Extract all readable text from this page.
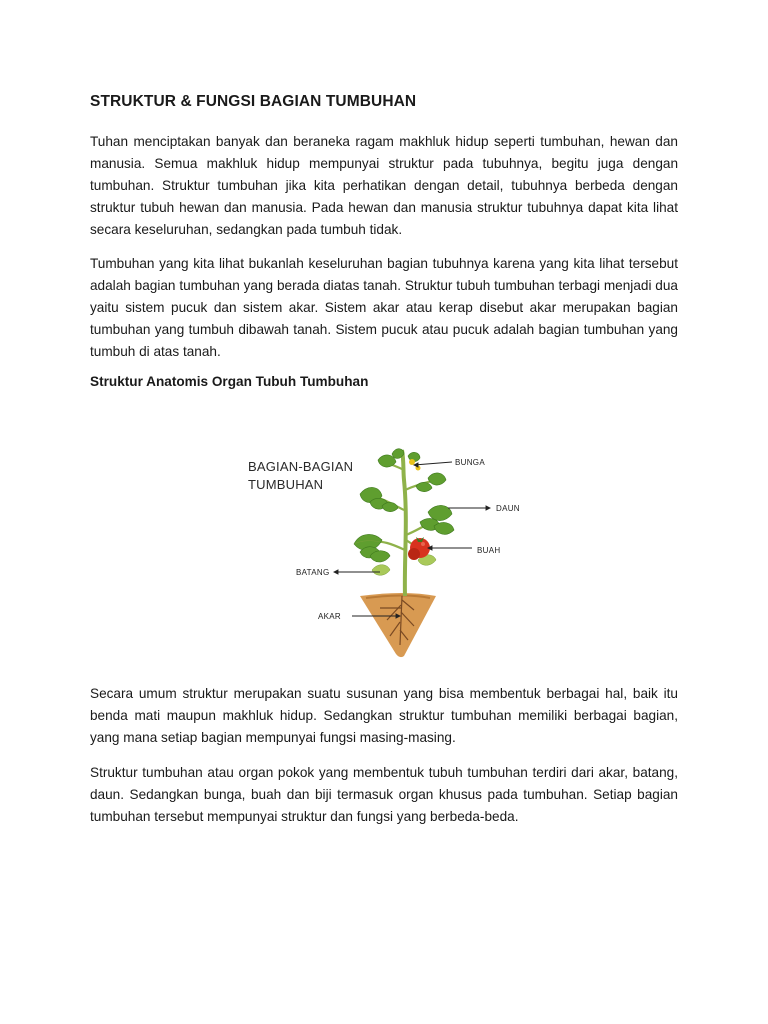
STRUKTUR & FUNGSI BAGIAN TUMBUHAN

Tuhan menciptakan banyak dan beraneka ragam makhluk hidup seperti tumbuhan, hewan dan manusia. Semua makhluk hidup mempunyai struktur pada tubuhnya, begitu juga dengan tumbuhan. Struktur tumbuhan jika kita perhatikan dengan detail, tubuhnya berbeda dengan struktur tubuh hewan dan manusia. Pada hewan dan manusia struktur tubuhnya dapat kita lihat secara keseluruhan, sedangkan pada tumbuh tidak.

Tumbuhan yang kita lihat bukanlah keseluruhan bagian tubuhnya karena yang kita lihat tersebut adalah bagian tumbuhan yang berada diatas tanah. Struktur tubuh tumbuhan terbagi menjadi dua yaitu sistem pucuk dan sistem akar. Sistem akar atau kerap disebut akar merupakan bagian tumbuhan yang tumbuh dibawah tanah. Sistem pucuk atau pucuk adalah bagian tumbuhan yang tumbuh di atas tanah.

Struktur Anatomis Organ Tubuh Tumbuhan

Secara umum struktur merupakan suatu susunan yang bisa membentuk berbagai hal, baik itu benda mati maupun makhluk hidup. Sedangkan struktur tumbuhan memiliki berbagai bagian, yang mana setiap bagian mempunyai fungsi masing-masing.

Struktur tumbuhan atau organ pokok yang membentuk tubuh tumbuhan terdiri dari akar, batang, daun. Sedangkan bunga, buah dan biji termasuk organ khusus pada tumbuhan. Setiap bagian tumbuhan tersebut mempunyai struktur dan fungsi yang berbeda-beda.

BAGIAN-BAGIAN
TUMBUHAN
BUNGA
DAUN
BUAH
BATANG
AKAR
